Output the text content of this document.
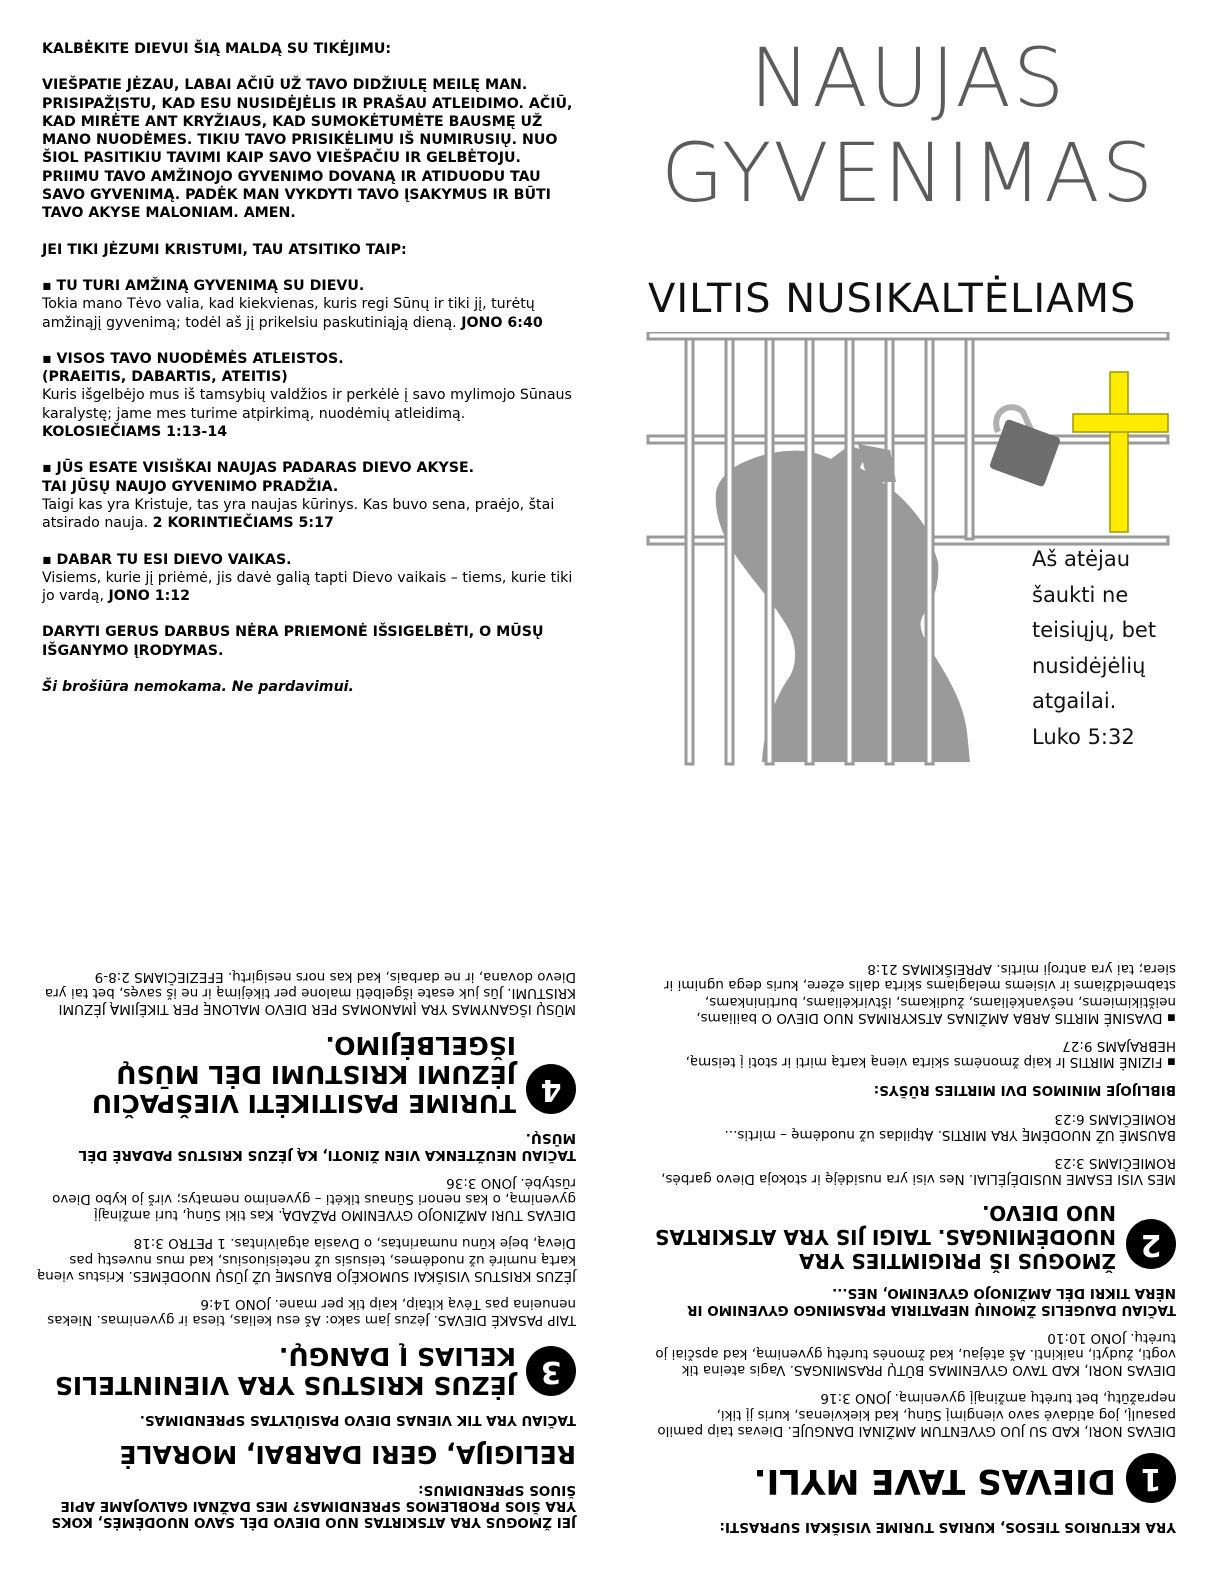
KALBĖKITE DIEVUI ŠIĄ MALDĄ SU TIKĖJIMU:

VIEŠPATIE JĖZAU, LABAI AČIŪ UŽ TAVO DIDŽIULĘ MEILĘ MAN. PRISIPAŽĮSTU, KAD ESU NUSIDĖJĖLIS IR PRAŠAU ATLEIDIMO. AČIŪ, KAD MIRĖTE ANT KRYŽIAUS, KAD SUMOKĖTUMĖTE BAUSMĘ UŽ MANO NUODĖMES. TIKIU TAVO PRISIKĖLIMU IŠ NUMIRUSIŲ. NUO ŠIOL PASITIKIU TAVIMI KAIP SAVO VIEŠPAČIU IR GELBĖTOJU. PRIIMU TAVO AMŽINOJO GYVENIMO DOVANĄ IR ATIDUODU TAU SAVO GYVENIMĄ. PADĖK MAN VYKDYTI TAVO ĮSAKYMUS IR BŪTI TAVO AKYSE MALONIAM. AMEN.

JEI TIKI JĖZUMI KRISTUMI, TAU ATSITIKO TAIP:

▪ TU TURI AMŽINĄ GYVENIMĄ SU DIEVU.
Tokia mano Tėvo valia, kad kiekvienas, kuris regi Sūnų ir tiki jį, turėtų amžinąjį gyvenimą; todėl aš jį prikelsiu paskutiniąją dieną. JONO 6:40

▪ VISOS TAVO NUODĖMĖS ATLEISTOS.
(PRAEITIS, DABARTIS, ATEITIS)
Kuris išgelbėjo mus iš tamsybių valdžios ir perkėlė į savo mylimojo Sūnaus karalystę; jame mes turime atpirkimą, nuodėmių atleidimą. KOLOSIEČIAMS 1:13-14

▪ JŪS ESATE VISIŠKAI NAUJAS PADARAS DIEVO AKYSE.
TAI JŪSŲ NAUJO GYVENIMO PRADŽIA.
Taigi kas yra Kristuje, tas yra naujas kūrinys. Kas buvo sena, praėjo, štai atsirado nauja. 2 KORINTIEČIAMS 5:17

▪ DABAR TU ESI DIEVO VAIKAS.
Visiems, kurie jį priėmė, jis davė galią tapti Dievo vaikais – tiems, kurie tiki jo vardą, JONO 1:12

DARYTI GERUS DARBUS NĖRA PRIEMONĖ IŠSIGELBĖTI, O MŪSŲ IŠGANYMO ĮRODYMAS.

Ši brošiūra nemokama. Ne pardavimui.

NAUJAS
GYVENIMAS
VILTIS NUSIKALTĖLIAMS
Aš atėjau šaukti ne teisiųjų, bet nusidėjėlių atgailai.
Luko 5:32

JEI ŽMOGUS YRA ATSKIRTAS NUO DIEVO DĖL SAVO NUODĖMĖS, KOKS YRA ŠIOS PROBLEMOS SPRENDIMAS? MES DAŽNAI GALVOJAME APIE ŠIUOS SPRENDIMUS:

RELIGIJA, GERI DARBAI, MORALĖ

TAČIAU YRA TIK VIENAS DIEVO PASIŪLYTAS SPRENDIMAS.

3
JĖZUS KRISTUS YRA VIENINTELIS KELIAS Į DANGŲ.

TAIP PASAKĖ DIEVAS. Jėzus jam sako: Aš esu kelias, tiesa ir gyvenimas. Niekas nenueina pas Tėvą kitaip, kaip tik per mane. JONO 14:6

JĖZUS KRISTUS VISIŠKAI SUMOKĖJO BAUSMĘ UŽ JŪSŲ NUODĖMES. Kristus vieną kartą numirė už nuodėmes, teisusis už neteisiuosius, kad mus nuvestų pas Dievą, beje kūnu numarintas, o Dvasia atgaivintas. 1 PETRO 3:18

DIEVAS TURI AMŽINOJO GYVENIMO PAŽADĄ. Kas tiki Sūnų, turi amžinąjį gyvenimą, o kas nenori Sūnaus tikėti – gyvenimo nematys; virš jo kybo Dievo rūstybė. JONO 3:36

TAČIAU NEUŽTENKA VIEN ŽINOTI, KĄ JĖZUS KRISTUS PADARĖ DĖL MŪSŲ.

4
TURIME PASITIKĖTI VIEŠPAČIU JĖZUMI KRISTUMI DĖL MŪSŲ IŠGELBĖJIMO.

MŪSŲ IŠGANYMAS YRA ĮMANOMAS PER DIEVO MALONĘ PER TIKĖJIMĄ JĖZUMI KRISTUMI. Jūs juk esate išgelbėti malone per tikėjimą ir ne iš savęs, bet tai yra Dievo dovana, ir ne darbais, kad kas nors nesigirtų. EFEZIEČIAMS 2:8-9

YRA KETURIOS TIESOS, KURIAS TURIME VISIŠKAI SUPRASTI:

1
DIEVAS TAVE MYLI.

DIEVAS NORI, KAD SU JUO GYVENTUM AMŽINAI DANGUJE. Dievas taip pamilo pasaulį, jog atidavė savo viengimį Sūnų, kad kiekvienas, kuris jį tiki, nepražūtų, bet turėtų amžinąjį gyvenimą. JONO 3:16

DIEVAS NORI, KAD TAVO GYVENIMAS BŪTŲ PRASMINGAS. Vagis ateina tik vogti, žudyti, naikinti. Aš atėjau, kad žmonės turėtų gyvenimą, kad apsčiai jo turėtų. JONO 10:10

TAČIAU DAUGELIS ŽMONIŲ NEPATIRIA PRASMINGO GYVENIMO IR NĖRA TIKRI DĖL AMŽINOJO GYVENIMO, NES...

2
ŽMOGUS IŠ PRIGIMTIES YRA NUODĖMINGAS. TAIGI JIS YRA ATSKIRTAS NUO DIEVO.

MES VISI ESAME NUSIDĖJĖLIAI. Nes visi yra nusidėję ir stokoja Dievo garbės, ROMIEČIAMS 3:23

BAUSMĖ UŽ NUODĖMĘ YRA MIRTIS. Atpildas už nuodėmę – mirtis... ROMIEČIAMS 6:23

BIBLIJOJE MINIMOS DVI MIRTIES RŪŠYS:

▪ FIZINĖ MIRTIS Ir kaip žmonėms skirta vieną kartą mirti ir stoti į teismą, HEBRAJAMS 9:27

▪ DVASINĖ MIRTIS ARBA AMŽINAS ATSKYRIMAS NUO DIEVO O bailiams, neištikimiems, nešvankėliams, žudikams, ištvirkėliams, burtininkams, stabmeldžiams ir visiems melagiams skirta dalis ežere, kuris dega ugnimi ir siera; tai yra antroji mirtis. APREIŠKIMAS 21:8
